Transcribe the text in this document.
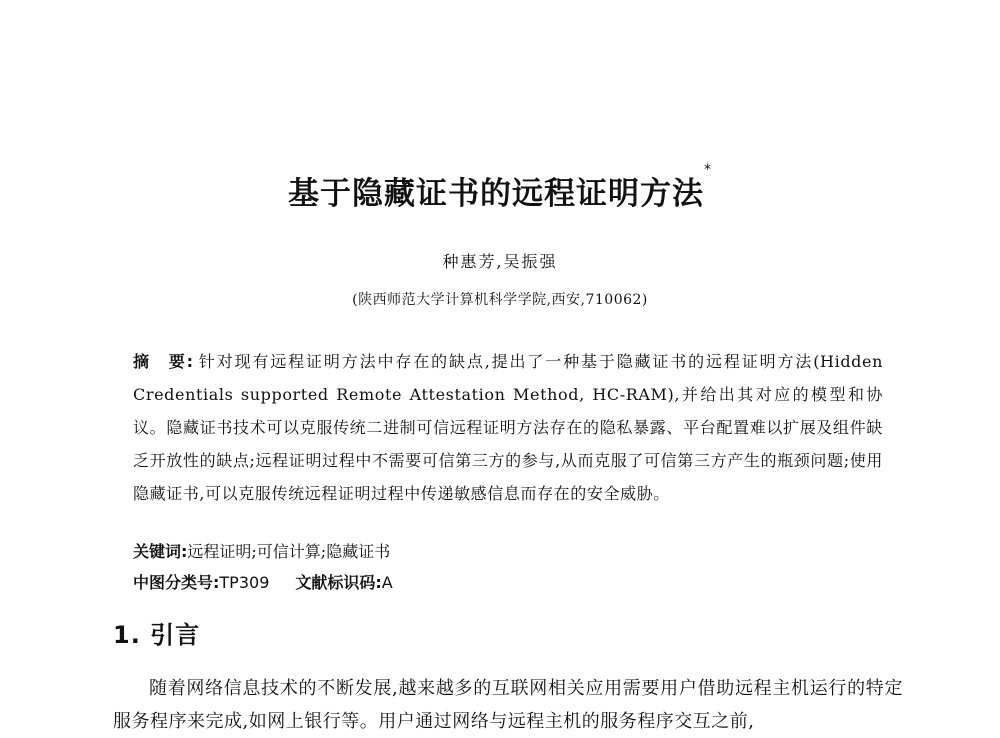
基于隐藏证书的远程证明方法*
种惠芳,吴振强
(陕西师范大学计算机科学学院,西安,710062)
摘　要: 针对现有远程证明方法中存在的缺点,提出了一种基于隐藏证书的远程证明方法(Hidden Credentials supported Remote Attestation Method, HC-RAM),并给出其对应的模型和协议。隐藏证书技术可以克服传统二进制可信远程证明方法存在的隐私暴露、平台配置难以扩展及组件缺乏开放性的缺点;远程证明过程中不需要可信第三方的参与,从而克服了可信第三方产生的瓶颈问题;使用隐藏证书,可以克服传统远程证明过程中传递敏感信息而存在的安全威胁。
关键词:远程证明;可信计算;隐藏证书
中图分类号:TP309 文献标识码:A
1. 引言
随着网络信息技术的不断发展,越来越多的互联网相关应用需要用户借助远程主机运行的特定服务程序来完成,如网上银行等。用户通过网络与远程主机的服务程序交互之前,
